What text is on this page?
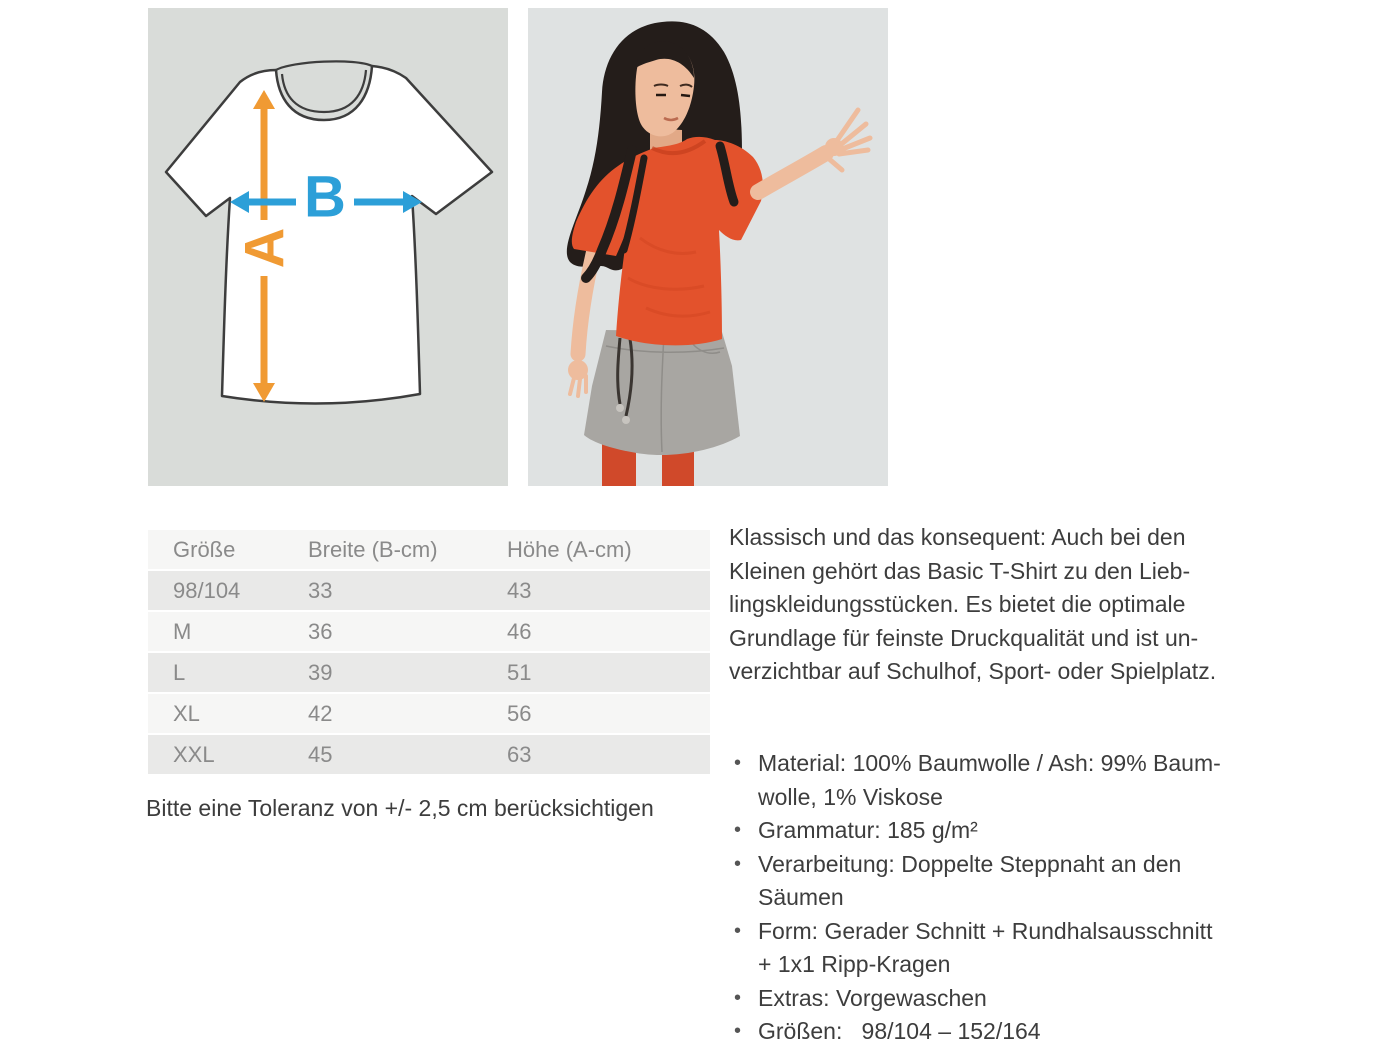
A
B
Größe	Breite (B-cm)	Höhe (A-cm)
98/104	33	43
M	36	46
L	39	51
XL	42	56
XXL	45	63
Bitte eine Toleranz von +/- 2,5 cm berücksichtigen
Klassisch und das konsequent: Auch bei den
Kleinen gehört das Basic T-Shirt zu den Lieb-
lingskleidungsstücken. Es bietet die optimale
Grundlage für feinste Druckqualität und ist un-
verzichtbar auf Schulhof, Sport- oder Spielplatz.
• Material: 100% Baumwolle / Ash: 99% Baum-
wolle, 1% Viskose
• Grammatur: 185 g/m²
• Verarbeitung: Doppelte Steppnaht an den
Säumen
• Form: Gerader Schnitt + Rundhalsausschnitt
+ 1x1 Ripp-Kragen
• Extras: Vorgewaschen
• Größen:   98/104 – 152/164
